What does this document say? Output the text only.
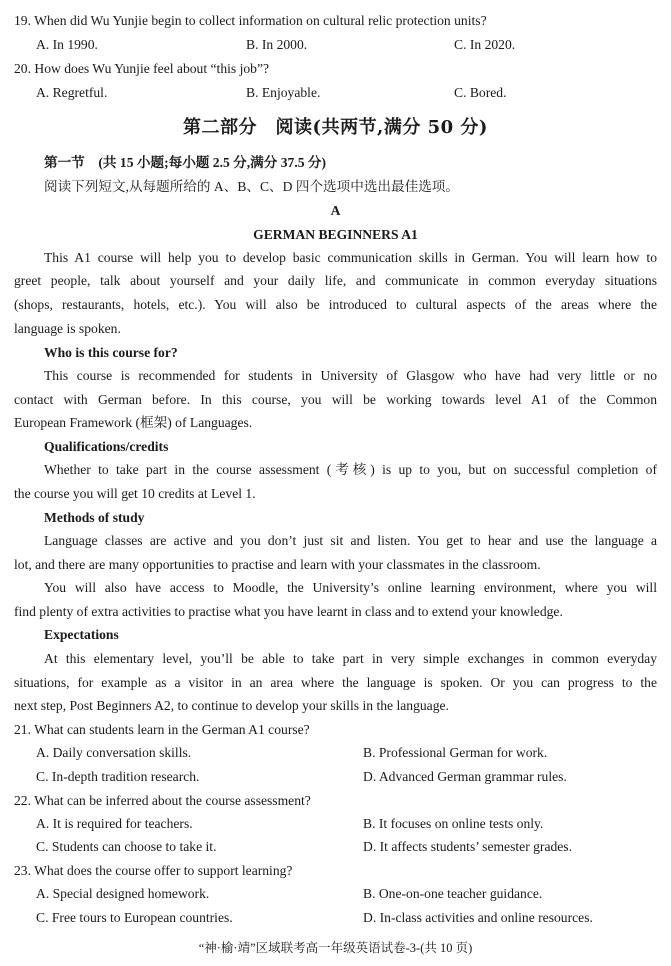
19. When did Wu Yunjie begin to collect information on cultural relic protection units?
A. In 1990.	B. In 2000.	C. In 2020.
20. How does Wu Yunjie feel about “this job”?
A. Regretful.	B. Enjoyable.	C. Bored.
第二部分　阅读(共两节,满分 50 分)
第一节　(共 15 小题;每小题 2.5 分,满分 37.5 分)
阅读下列短文,从每题所给的 A、B、C、D 四个选项中选出最佳选项。
A
GERMAN BEGINNERS A1
This A1 course will help you to develop basic communication skills in German. You will learn how to
greet people, talk about yourself and your daily life, and communicate in common everyday situations
(shops, restaurants, hotels, etc.). You will also be introduced to cultural aspects of the areas where the
language is spoken.
Who is this course for?
This course is recommended for students in University of Glasgow who have had very little or no
contact with German before. In this course, you will be working towards level A1 of the Common
European Framework (框架) of Languages.
Qualifications/credits
Whether to take part in the course assessment (考核) is up to you, but on successful completion of
the course you will get 10 credits at Level 1.
Methods of study
Language classes are active and you don’t just sit and listen. You get to hear and use the language a
lot, and there are many opportunities to practise and learn with your classmates in the classroom.
You will also have access to Moodle, the University’s online learning environment, where you will
find plenty of extra activities to practise what you have learnt in class and to extend your knowledge.
Expectations
At this elementary level, you’ll be able to take part in very simple exchanges in common everyday
situations, for example as a visitor in an area where the language is spoken. Or you can progress to the
next step, Post Beginners A2, to continue to develop your skills in the language.
21. What can students learn in the German A1 course?
A. Daily conversation skills.	B. Professional German for work.
C. In-depth tradition research.	D. Advanced German grammar rules.
22. What can be inferred about the course assessment?
A. It is required for teachers.	B. It focuses on online tests only.
C. Students can choose to take it.	D. It affects students’ semester grades.
23. What does the course offer to support learning?
A. Special designed homework.	B. One-on-one teacher guidance.
C. Free tours to European countries.	D. In-class activities and online resources.
“神·榆·靖”区域联考高一年级英语试卷-3-(共 10 页)
